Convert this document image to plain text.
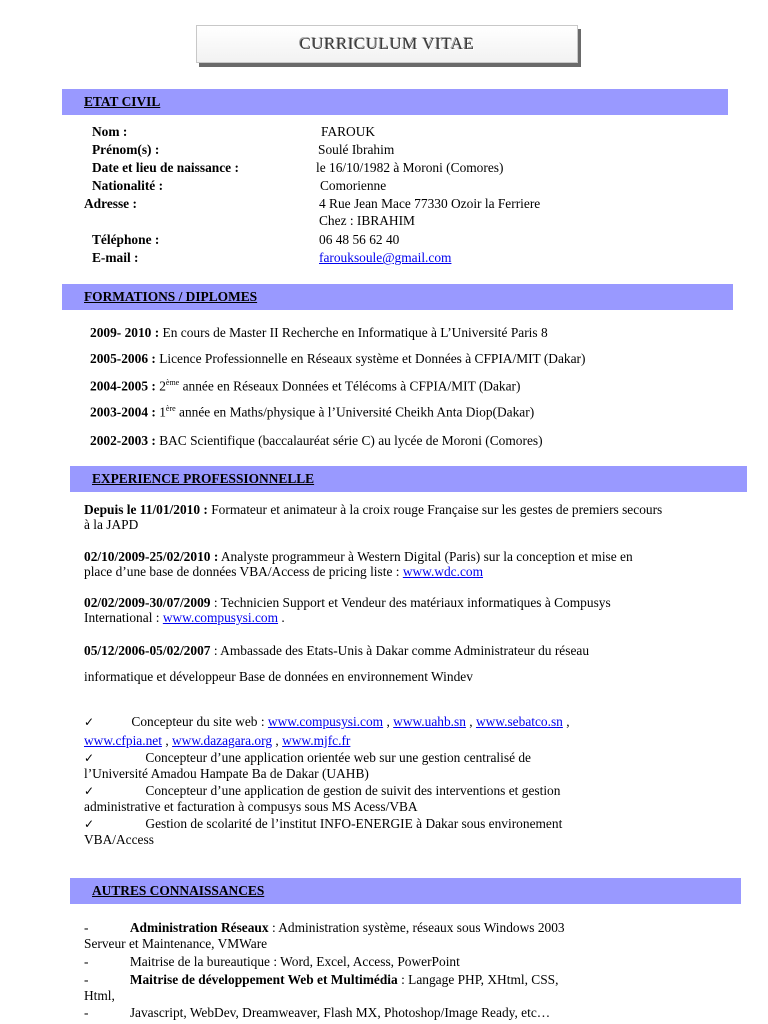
CURRICULUM VITAE
ETAT CIVIL
Nom :	FAROUK
Prénom(s) :	Soulé Ibrahim
Date et lieu de naissance :	le 16/10/1982 à Moroni (Comores)
Nationalité :	Comorienne
Adresse :	4 Rue Jean Mace 77330 Ozoir la Ferriere
Chez : IBRAHIM
Téléphone :	06 48 56 62 40
E-mail :	farouksoule@gmail.com
FORMATIONS / DIPLOMES
2009- 2010 : En cours de Master II Recherche en Informatique à L’Université Paris 8
2005-2006 : Licence Professionnelle en Réseaux système et Données à CFPIA/MIT (Dakar)
2004-2005 : 2ème année en Réseaux Données et Télécoms à CFPIA/MIT (Dakar)
2003-2004 : 1ère année en Maths/physique à l’Université Cheikh Anta Diop(Dakar)
2002-2003 : BAC Scientifique (baccalauréat série C) au lycée de Moroni (Comores)
EXPERIENCE PROFESSIONNELLE
Depuis le 11/01/2010 : Formateur et animateur à la croix rouge Française sur les gestes de premiers secours à la JAPD
02/10/2009-25/02/2010 : Analyste programmeur à Western Digital (Paris) sur la conception et mise en place d’une base de données VBA/Access de pricing liste : www.wdc.com
02/02/2009-30/07/2009 : Technicien Support et Vendeur des matériaux informatiques à Compusys International : www.compusysi.com .
05/12/2006-05/02/2007 : Ambassade des Etats-Unis à Dakar comme Administrateur du réseau
informatique et développeur Base de données en environnement Windev
✓	Concepteur du site web : www.compusysi.com , www.uahb.sn , www.sebatco.sn ,
www.cfpia.net , www.dazagara.org , www.mjfc.fr
✓	Concepteur d’une application orientée web sur une gestion centralisé de
l’Université Amadou Hampate Ba de Dakar (UAHB)
✓	Concepteur d’une application de gestion de suivit des interventions et gestion
administrative et facturation à compusys sous MS Acess/VBA
✓	Gestion de scolarité de l’institut INFO-ENERGIE à Dakar sous environement
VBA/Access
AUTRES CONNAISSANCES
-	Administration Réseaux : Administration système, réseaux sous Windows 2003
Serveur et Maintenance, VMWare
-	Maitrise de la bureautique : Word, Excel, Access, PowerPoint
-	Maitrise de développement Web et Multimédia : Langage PHP, XHtml, CSS,
Html,
-	Javascript, WebDev, Dreamweaver, Flash MX, Photoshop/Image Ready, etc…
